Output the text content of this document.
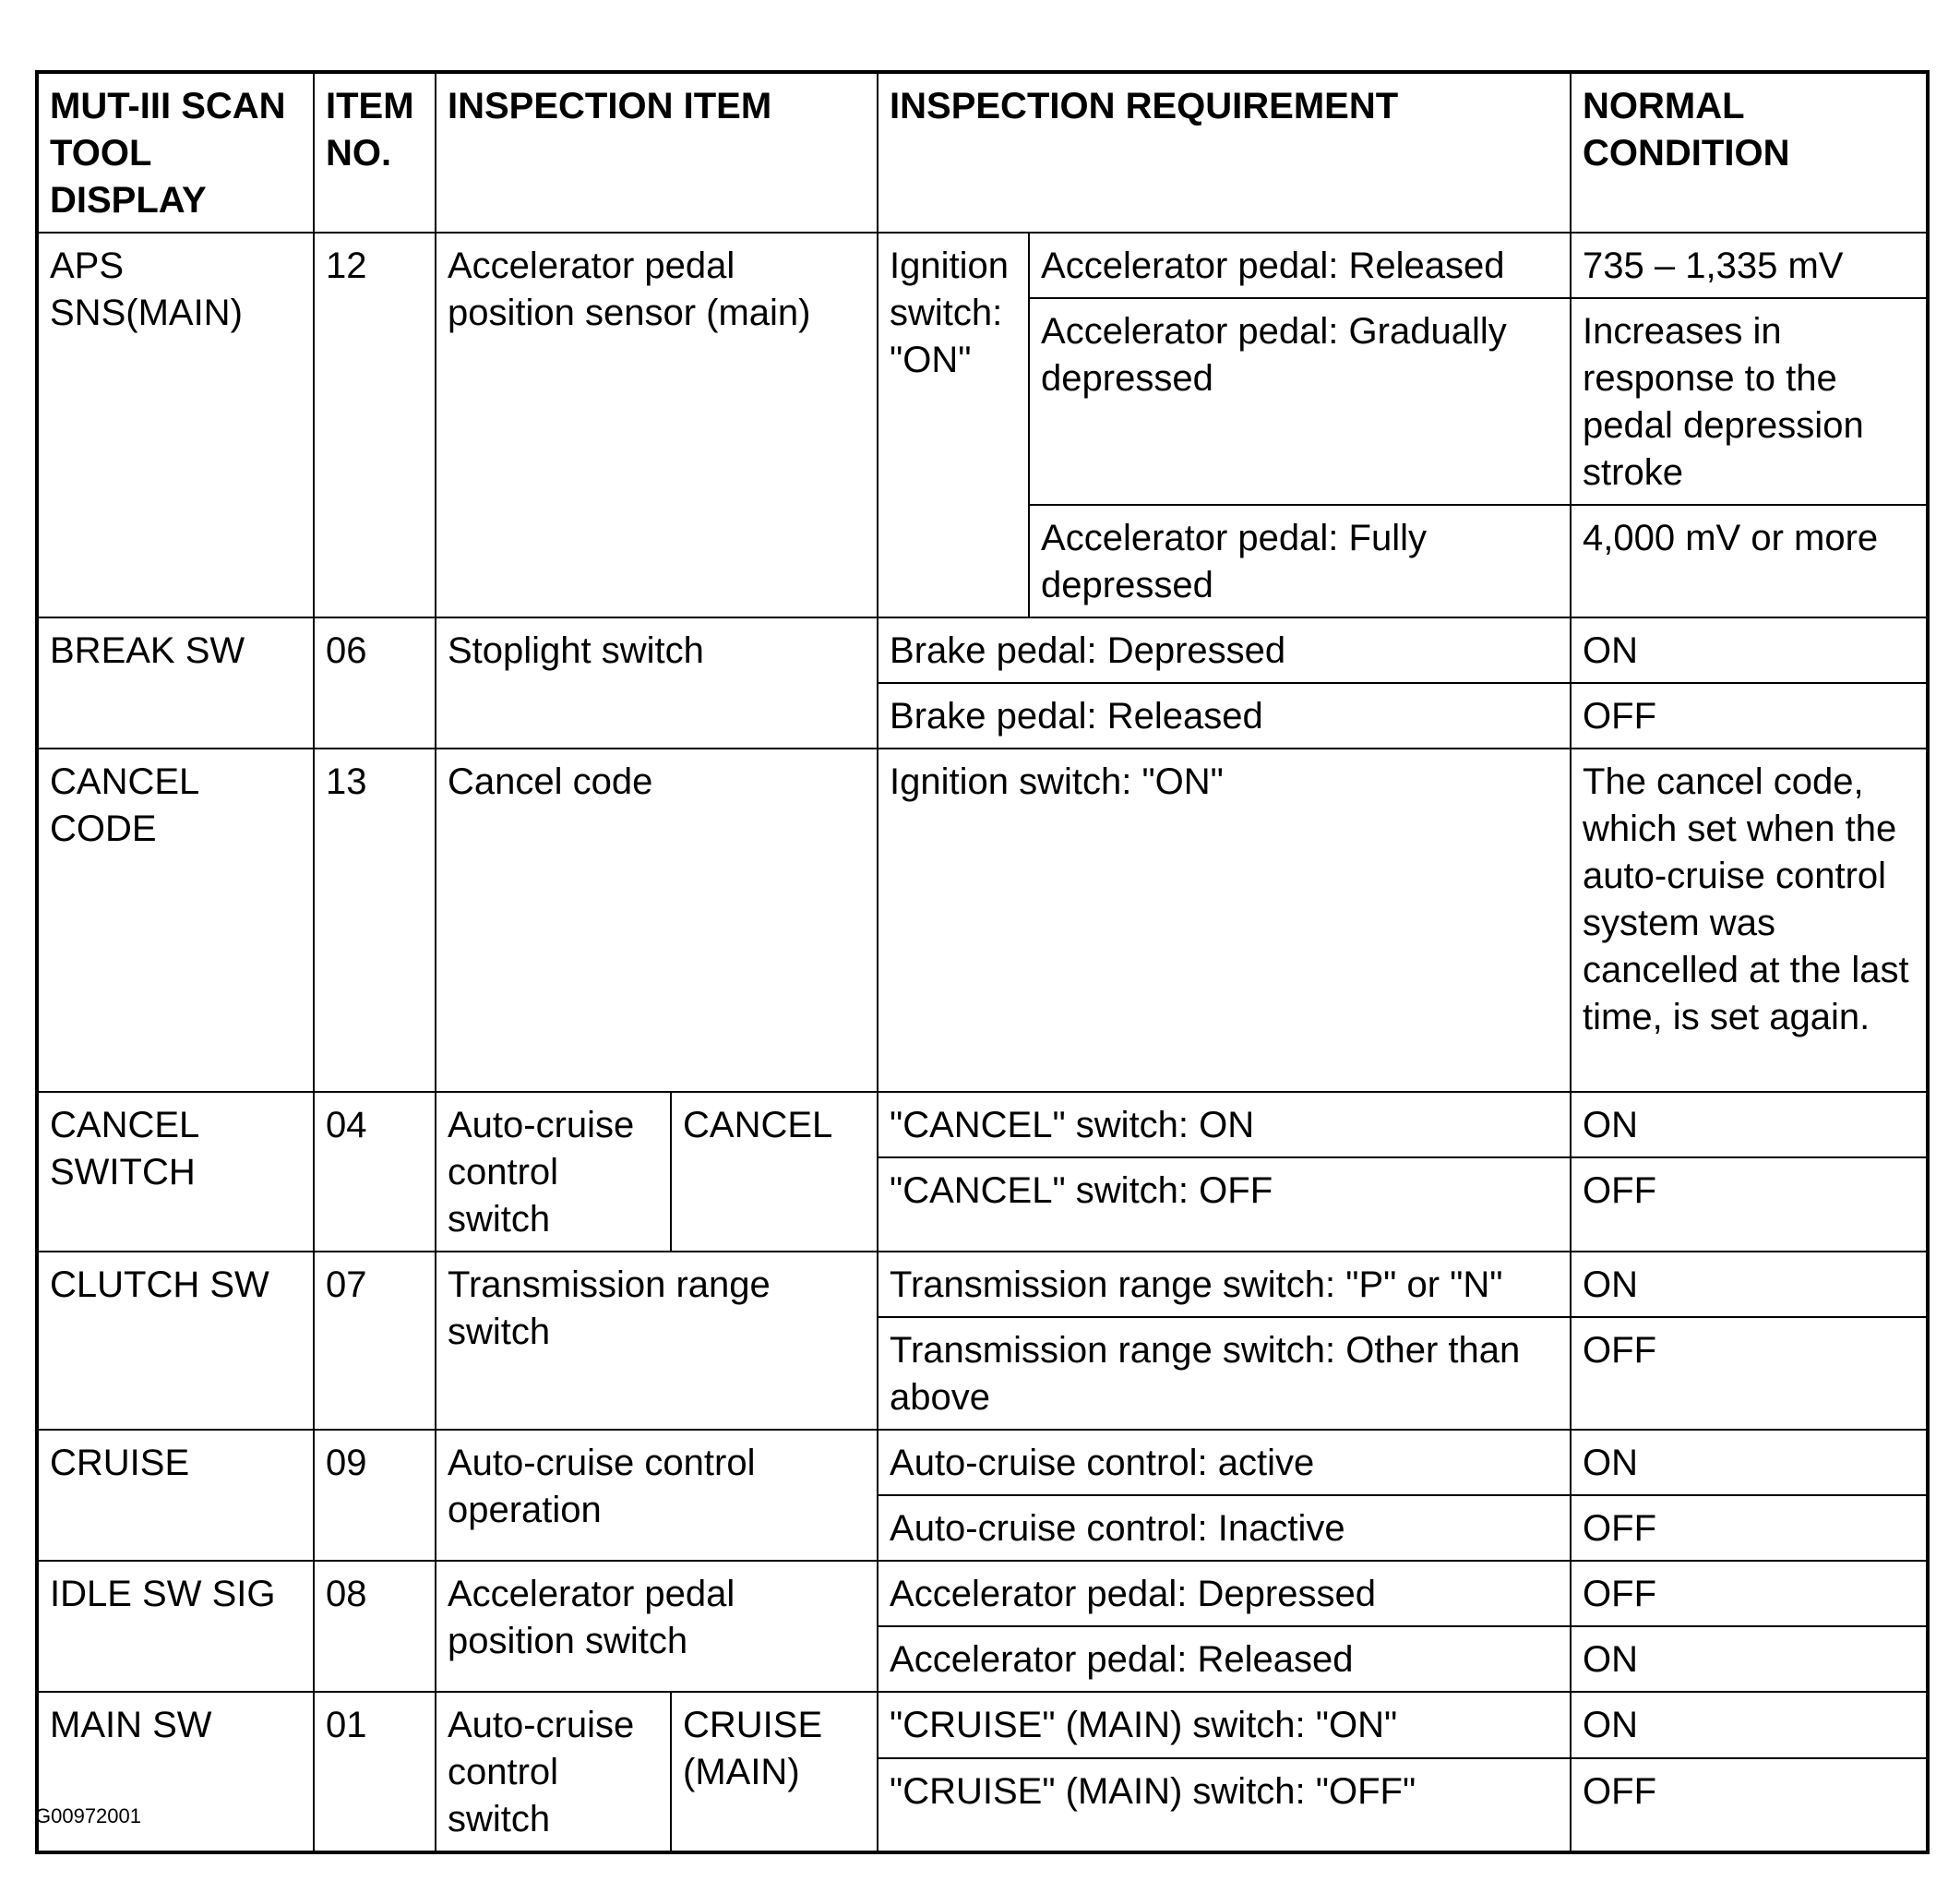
MUT-III SCAN TOOL DISPLAY	ITEM NO.	INSPECTION ITEM		INSPECTION REQUIREMENT		NORMAL CONDITION
APS SNS(MAIN)	12	Accelerator pedal position sensor (main)		Ignition switch: "ON"	Accelerator pedal: Released	735 – 1,335 mV
					Accelerator pedal: Gradually depressed	Increases in response to the pedal depression stroke
					Accelerator pedal: Fully depressed	4,000 mV or more
BREAK SW	06	Stoplight switch		Brake pedal: Depressed		ON
				Brake pedal: Released		OFF
CANCEL CODE	13	Cancel code		Ignition switch: "ON"		The cancel code, which set when the auto-cruise control system was cancelled at the last time, is set again.
CANCEL SWITCH	04	Auto-cruise control switch	CANCEL	"CANCEL" switch: ON		ON
				"CANCEL" switch: OFF		OFF
CLUTCH SW	07	Transmission range switch		Transmission range switch: "P" or "N"		ON
				Transmission range switch: Other than above		OFF
CRUISE	09	Auto-cruise control operation		Auto-cruise control: active		ON
				Auto-cruise control: Inactive		OFF
IDLE SW SIG	08	Accelerator pedal position switch		Accelerator pedal: Depressed		OFF
				Accelerator pedal: Released		ON
MAIN SW	01	Auto-cruise control switch	CRUISE (MAIN)	"CRUISE" (MAIN) switch: "ON"		ON
				"CRUISE" (MAIN) switch: "OFF"		OFF
G00972001
